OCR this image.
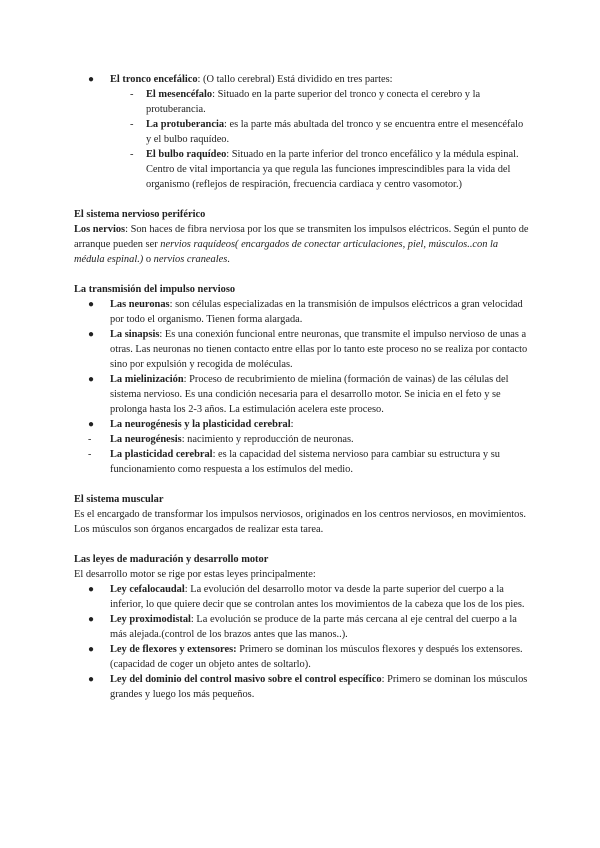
● El tronco encefálico: (O tallo cerebral) Está dividido en tres partes:
- El mesencéfalo: Situado en la parte superior del tronco y conecta el cerebro y la protuberancia.
- La protuberancia: es la parte más abultada del tronco y se encuentra entre el mesencéfalo y el bulbo raquídeo.
- El bulbo raquídeo: Situado en la parte inferior del tronco encefálico y la médula espinal. Centro de vital importancia ya que regula las funciones imprescindibles para la vida del organismo (reflejos de respiración, frecuencia cardiaca y centro vasomotor.)

El sistema nervioso periférico

Los nervios: Son haces de fibra nerviosa por los que se transmiten los impulsos eléctricos. Según el punto de arranque pueden ser nervios raquídeos( encargados de conectar articulaciones, piel, músculos..con la médula espinal.) o nervios craneales.

La transmisión del impulso nervioso

● Las neuronas: son células especializadas en la transmisión de impulsos eléctricos a gran velocidad por todo el organismo. Tienen forma alargada.
● La sinapsis: Es una conexión funcional entre neuronas, que transmite el impulso nervioso de unas a otras. Las neuronas no tienen contacto entre ellas por lo tanto este proceso no se realiza por contacto sino por expulsión y recogida de moléculas.
● La mielinización: Proceso de recubrimiento de mielina (formación de vainas) de las células del sistema nervioso. Es una condición necesaria para el desarrollo motor. Se inicia en el feto y se prolonga hasta los 2-3 años. La estimulación acelera este proceso.
● La neurogénesis y la plasticidad cerebral:
- La neurogénesis: nacimiento y reproducción de neuronas.
- La plasticidad cerebral: es la capacidad del sistema nervioso para cambiar su estructura y su funcionamiento como respuesta a los estímulos del medio.

El sistema muscular

Es el encargado de transformar los impulsos nerviosos, originados en los centros nerviosos, en movimientos. Los músculos son órganos encargados de realizar esta tarea.

Las leyes de maduración y desarrollo motor

El desarrollo motor se rige por estas leyes principalmente:

● Ley cefalocaudal: La evolución del desarrollo motor va desde la parte superior del cuerpo a la inferior, lo que quiere decir que se controlan antes los movimientos de la cabeza que los de los pies.
● Ley proximodistal: La evolución se produce de la parte más cercana al eje central del cuerpo a la más alejada.(control de los brazos antes que las manos..).
● Ley de flexores y extensores: Primero se dominan los músculos flexores y después los extensores. (capacidad de coger un objeto antes de soltarlo).
● Ley del dominio del control masivo sobre el control específico: Primero se dominan los músculos grandes y luego los más pequeños.
